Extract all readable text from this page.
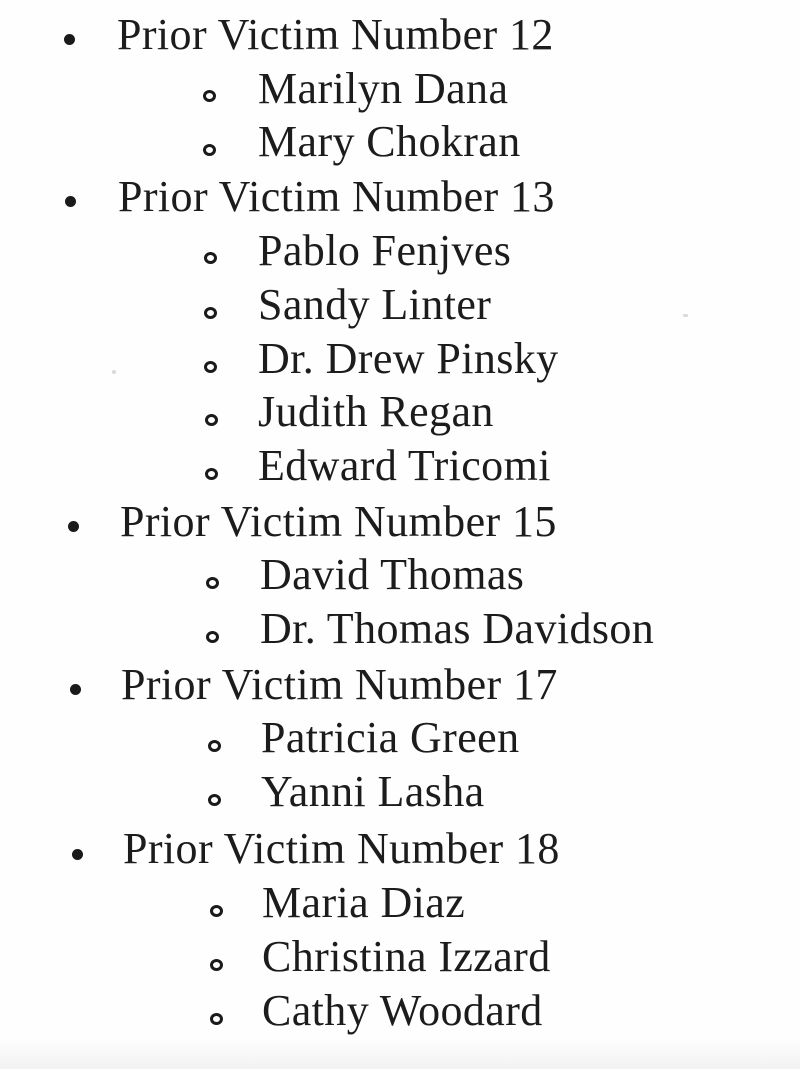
Prior Victim Number 12
Marilyn Dana
Mary Chokran
Prior Victim Number 13
Pablo Fenjves
Sandy Linter
Dr. Drew Pinsky
Judith Regan
Edward Tricomi
Prior Victim Number 15
David Thomas
Dr. Thomas Davidson
Prior Victim Number 17
Patricia Green
Yanni Lasha
Prior Victim Number 18
Maria Diaz
Christina Izzard
Cathy Woodard
